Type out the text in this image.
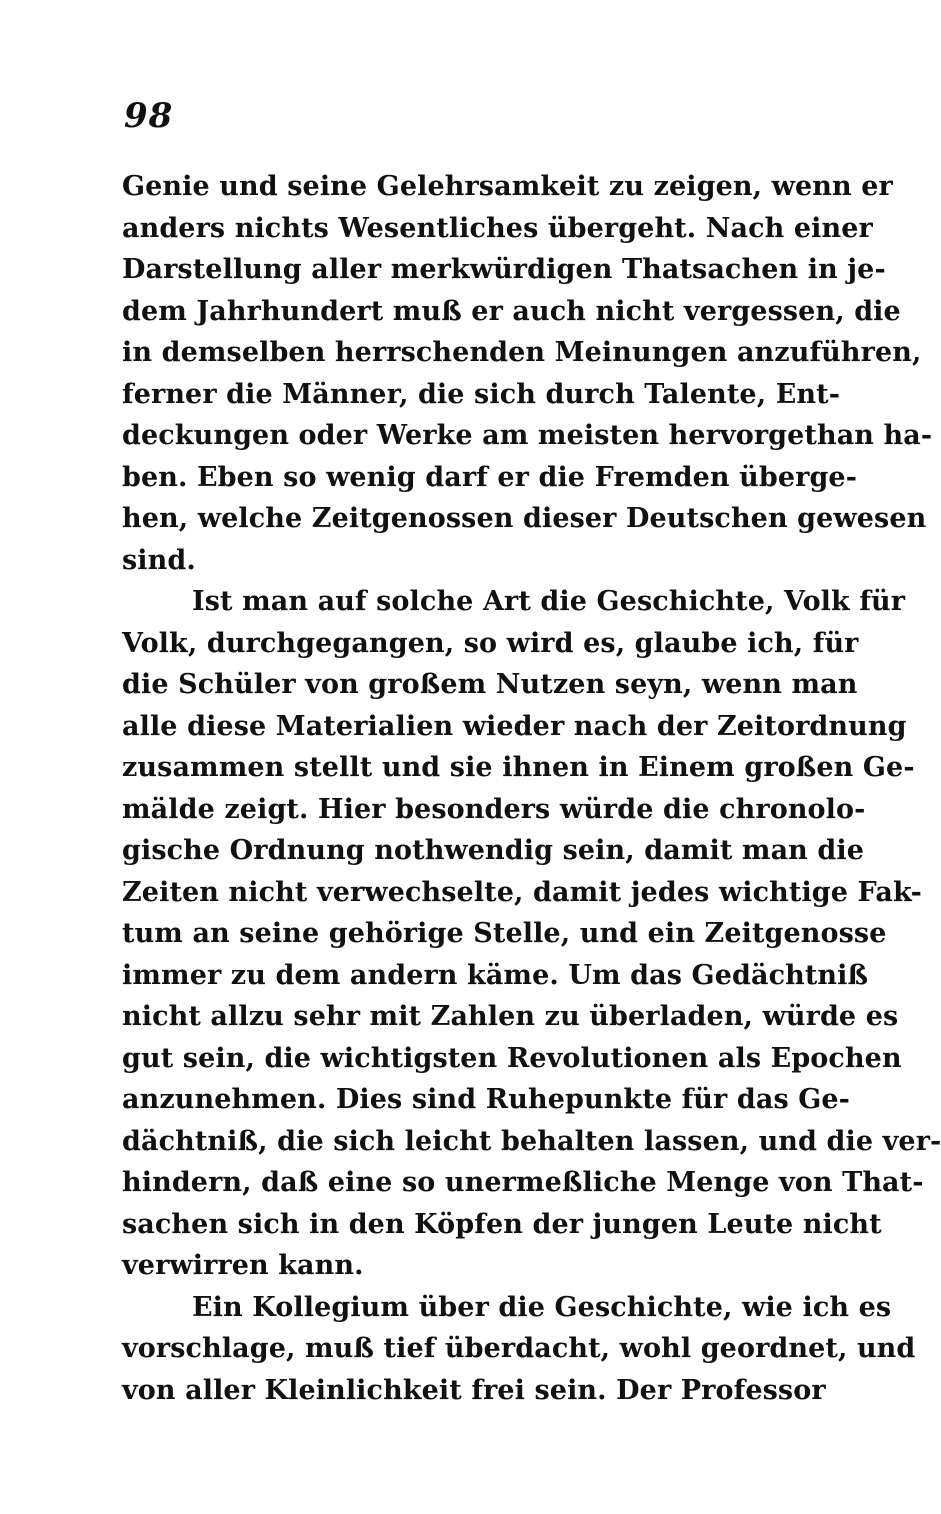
98
Genie und seine Gelehrsamkeit zu zeigen, wenn er
anders nichts Wesentliches übergeht. Nach einer
Darstellung aller merkwürdigen Thatsachen in je-
dem Jahrhundert muß er auch nicht vergessen, die
in demselben herrschenden Meinungen anzuführen,
ferner die Männer, die sich durch Talente, Ent-
deckungen oder Werke am meisten hervorgethan ha-
ben. Eben so wenig darf er die Fremden überge-
hen, welche Zeitgenossen dieser Deutschen gewesen
sind.
Ist man auf solche Art die Geschichte, Volk für
Volk, durchgegangen, so wird es, glaube ich, für
die Schüler von großem Nutzen seyn, wenn man
alle diese Materialien wieder nach der Zeitordnung
zusammen stellt und sie ihnen in Einem großen Ge-
mälde zeigt. Hier besonders würde die chronolo-
gische Ordnung nothwendig sein, damit man die
Zeiten nicht verwechselte, damit jedes wichtige Fak-
tum an seine gehörige Stelle, und ein Zeitgenosse
immer zu dem andern käme. Um das Gedächtniß
nicht allzu sehr mit Zahlen zu überladen, würde es
gut sein, die wichtigsten Revolutionen als Epochen
anzunehmen. Dies sind Ruhepunkte für das Ge-
dächtniß, die sich leicht behalten lassen, und die ver-
hindern, daß eine so unermeßliche Menge von That-
sachen sich in den Köpfen der jungen Leute nicht
verwirren kann.
Ein Kollegium über die Geschichte, wie ich es
vorschlage, muß tief überdacht, wohl geordnet, und
von aller Kleinlichkeit frei sein. Der Professor
